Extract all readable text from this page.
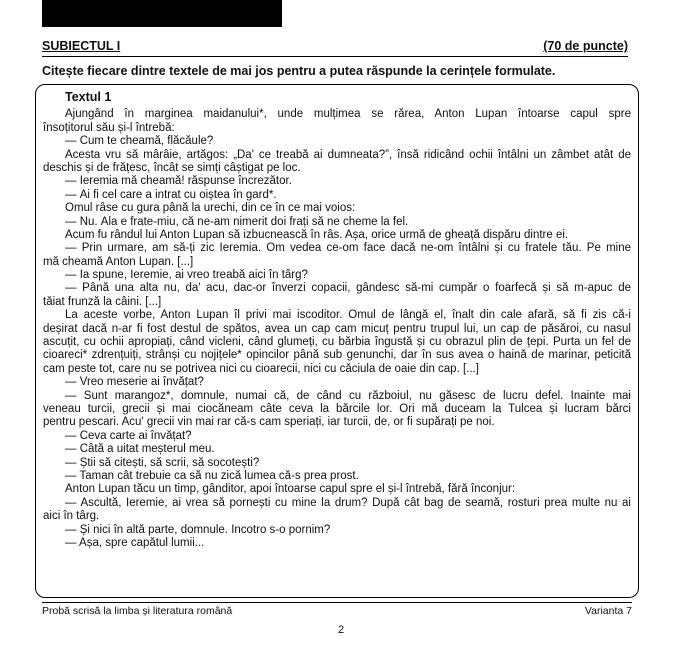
SUBIECTUL I	(70 de puncte)
Citește fiecare dintre textele de mai jos pentru a putea răspunde la cerințele formulate.
Textul 1
Ajungând în marginea maidanului*, unde mulțimea se rărea, Anton Lupan întoarse capul spre
însoțitorul său și-l întrebă:
— Cum te cheamă, flăcăule?
Acesta vru să mârâie, artăgos: „Da' ce treabă ai dumneata?”, însă ridicând ochii întâlni un zâmbet atât de
deschis și de frățesc, încât se simți câștigat pe loc.
— Ieremia mă cheamă! răspunse încrezător.
— Ăi fi cel care a intrat cu oiștea în gard*.
Omul râse cu gura până la urechi, din ce în ce mai voios:
— Nu. Ăla e frate-miu, că ne-am nimerit doi frați să ne cheme la fel.
Acum fu rândul lui Anton Lupan să izbucnească în râs. Așa, orice urmă de gheață dispăru dintre ei.
— Prin urmare, am să-ți zic Ieremia. Om vedea ce-om face dacă ne-om întâlni și cu fratele tău. Pe mine
mă cheamă Anton Lupan. [...]
— Ia spune, Ieremie, ai vreo treabă aici în târg?
— Până una alta nu, da' acu, dac-or înverzi copacii, gândesc să-mi cumpăr o foarfecă și să m-apuc de
tăiat frunză la câini. [...]
La aceste vorbe, Anton Lupan îl privi mai iscoditor. Omul de lângă el, înalt din cale afară, să fi zis că-i
deșirat dacă n-ar fi fost destul de spătos, avea un cap cam micuț pentru trupul lui, un cap de păsăroi, cu nasul
ascuțit, cu ochii apropiați, când vicleni, când glumeți, cu bărbia îngustă și cu obrazul plin de țepi. Purta un fel de
cioareci* zdrențuiți, strânși cu nojițele* opincilor până sub genunchi, dar în sus avea o haină de marinar, peticită
cam peste tot, care nu se potrivea nici cu cioarecii, nici cu căciula de oaie din cap. [...]
— Vreo meserie ai învățat?
— Sunt marangoz*, domnule, numai că, de când cu războiul, nu găsesc de lucru defel. Înainte mai
veneau turcii, grecii și mai ciocăneam câte ceva la bărcile lor. Ori mă duceam la Tulcea și lucram bărci
pentru pescari. Acu' grecii vin mai rar că-s cam speriați, iar turcii, de, or fi supărați pe noi.
— Ceva carte ai învățat?
— Câtă a uitat meșterul meu.
— Știi să citești, să scrii, să socotești?
— Taman cât trebuie ca să nu zică lumea că-s prea prost.
Anton Lupan tăcu un timp, gânditor, apoi întoarse capul spre el și-l întrebă, fără înconjur:
— Ascultă, Ieremie, ai vrea să pornești cu mine la drum? După cât bag de seamă, rosturi prea multe nu ai
aici în târg.
— Și nici în altă parte, domnule. Încotro s-o pornim?
— Așa, spre capătul lumii...
Probă scrisă la limba și literatura română	Varianta 7
2
